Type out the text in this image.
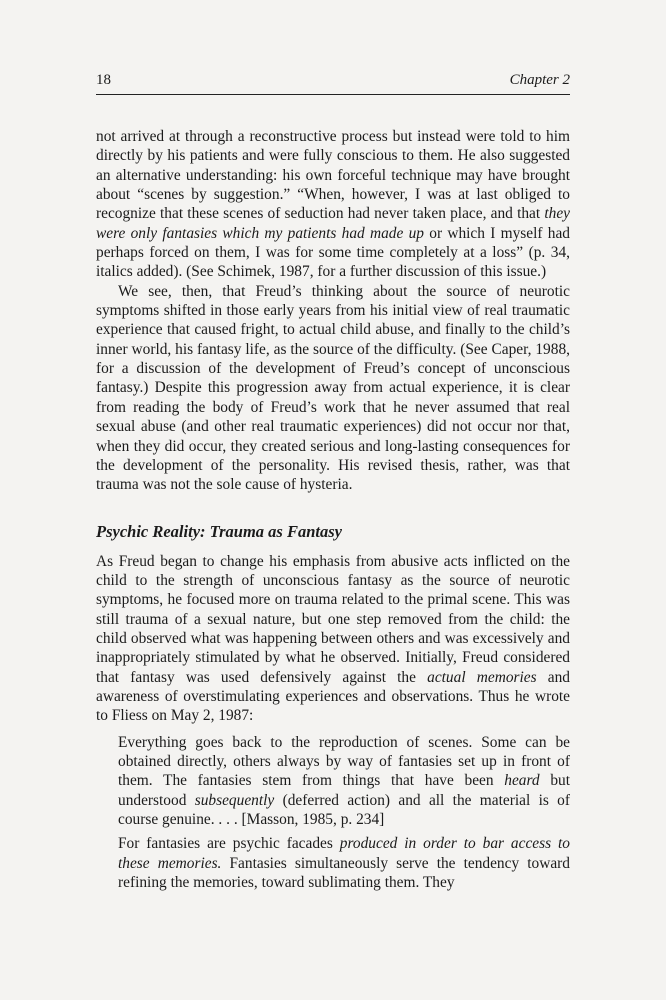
18	Chapter 2

not arrived at through a reconstructive process but instead were told to him directly by his patients and were fully conscious to them. He also suggested an alternative understanding: his own forceful technique may have brought about “scenes by suggestion.” “When, however, I was at last obliged to recognize that these scenes of seduction had never taken place, and that they were only fantasies which my patients had made up or which I myself had perhaps forced on them, I was for some time completely at a loss” (p. 34, italics added). (See Schimek, 1987, for a further discussion of this issue.)

We see, then, that Freud’s thinking about the source of neurotic symptoms shifted in those early years from his initial view of real traumatic experience that caused fright, to actual child abuse, and finally to the child’s inner world, his fantasy life, as the source of the difficulty. (See Caper, 1988, for a discussion of the development of Freud’s concept of unconscious fantasy.) Despite this progression away from actual experience, it is clear from reading the body of Freud’s work that he never assumed that real sexual abuse (and other real traumatic experiences) did not occur nor that, when they did occur, they created serious and long-lasting consequences for the development of the personality. His revised thesis, rather, was that trauma was not the sole cause of hysteria.

Psychic Reality: Trauma as Fantasy

As Freud began to change his emphasis from abusive acts inflicted on the child to the strength of unconscious fantasy as the source of neurotic symptoms, he focused more on trauma related to the primal scene. This was still trauma of a sexual nature, but one step removed from the child: the child observed what was happening between others and was excessively and inappropriately stimulated by what he observed. Initially, Freud considered that fantasy was used defensively against the actual memories and awareness of overstimulating experiences and observations. Thus he wrote to Fliess on May 2, 1987:

Everything goes back to the reproduction of scenes. Some can be obtained directly, others always by way of fantasies set up in front of them. The fantasies stem from things that have been heard but understood subsequently (deferred action) and all the material is of course genuine. . . . [Masson, 1985, p. 234]

For fantasies are psychic facades produced in order to bar access to these memories. Fantasies simultaneously serve the tendency toward refining the memories, toward sublimating them. They
